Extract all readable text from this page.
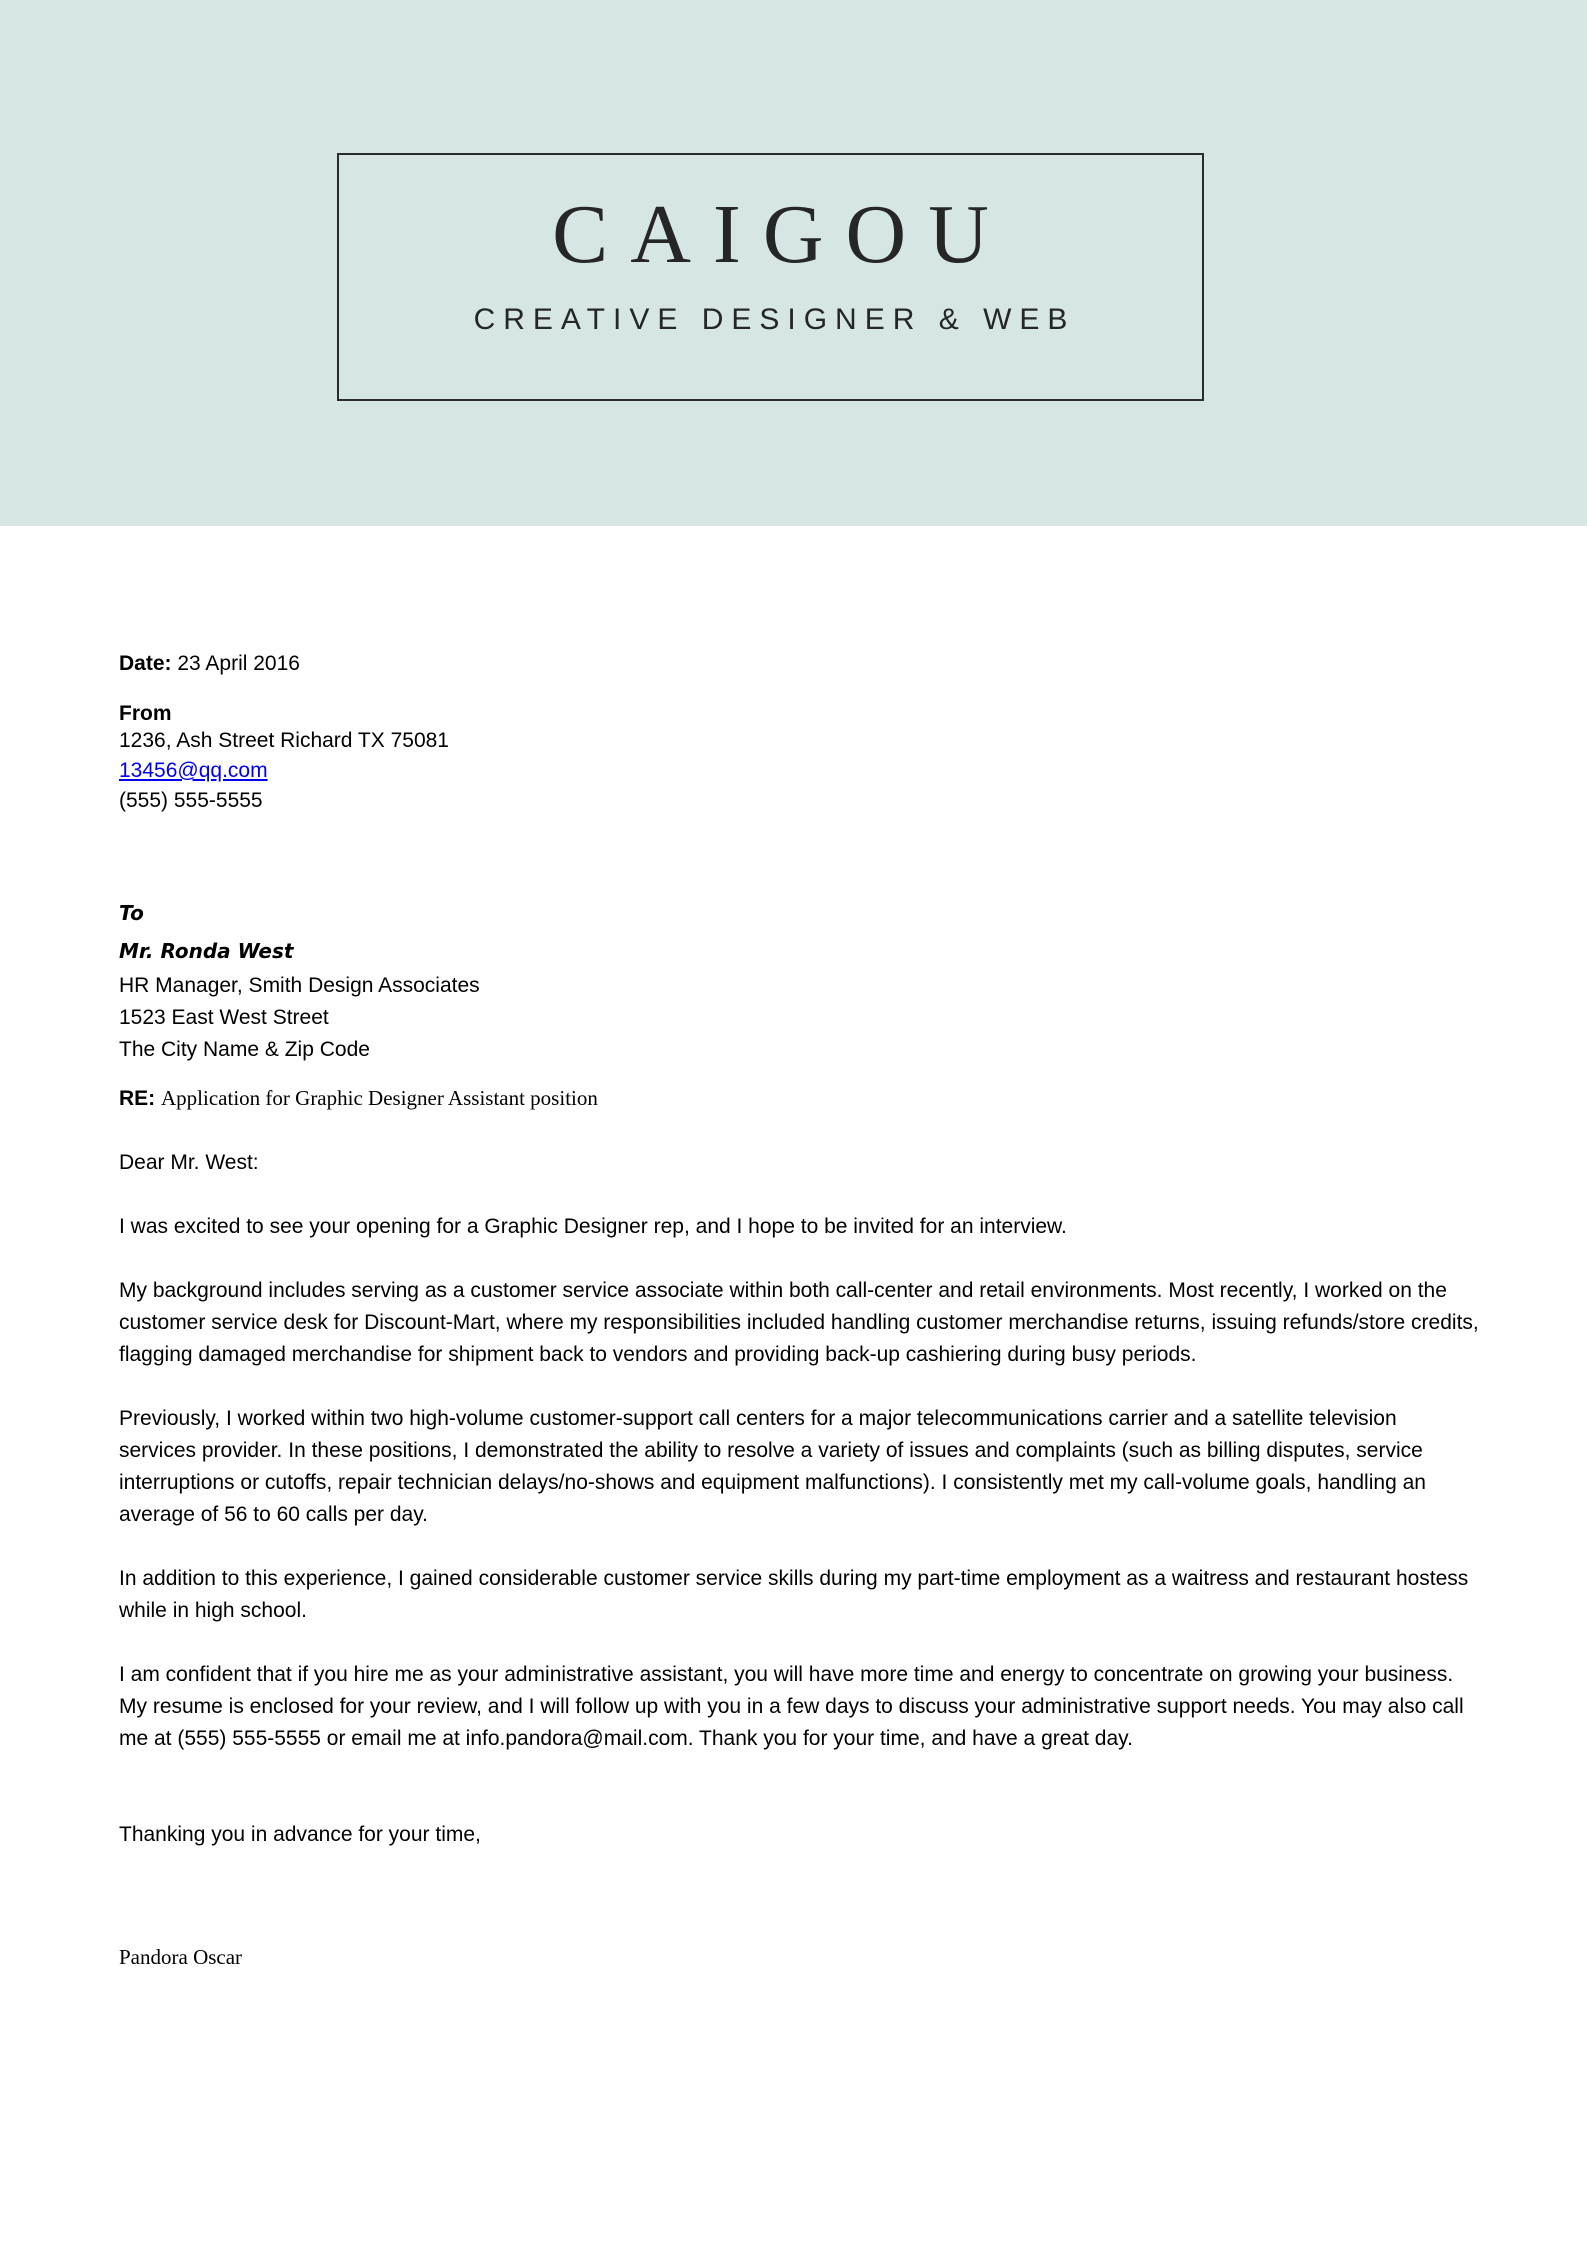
CAIGOU
CREATIVE DESIGNER & WEB
Date: 23 April 2016
From
1236, Ash Street Richard TX 75081
13456@qq.com
(555) 555-5555
To
Mr. Ronda West
HR Manager, Smith Design Associates
1523 East West Street
The City Name & Zip Code
RE: Application for Graphic Designer Assistant position

Dear Mr. West:

I was excited to see your opening for a Graphic Designer rep, and I hope to be invited for an interview.

My background includes serving as a customer service associate within both call-center and retail environments. Most recently, I worked on the customer service desk for Discount-Mart, where my responsibilities included handling customer merchandise returns, issuing refunds/store credits, flagging damaged merchandise for shipment back to vendors and providing back-up cashiering during busy periods.

Previously, I worked within two high-volume customer-support call centers for a major telecommunications carrier and a satellite television services provider. In these positions, I demonstrated the ability to resolve a variety of issues and complaints (such as billing disputes, service interruptions or cutoffs, repair technician delays/no-shows and equipment malfunctions). I consistently met my call-volume goals, handling an average of 56 to 60 calls per day.

In addition to this experience, I gained considerable customer service skills during my part-time employment as a waitress and restaurant hostess while in high school.

I am confident that if you hire me as your administrative assistant, you will have more time and energy to concentrate on growing your business. My resume is enclosed for your review, and I will follow up with you in a few days to discuss your administrative support needs. You may also call me at (555) 555-5555 or email me at info.pandora@mail.com. Thank you for your time, and have a great day.

Thanking you in advance for your time,

Pandora Oscar
